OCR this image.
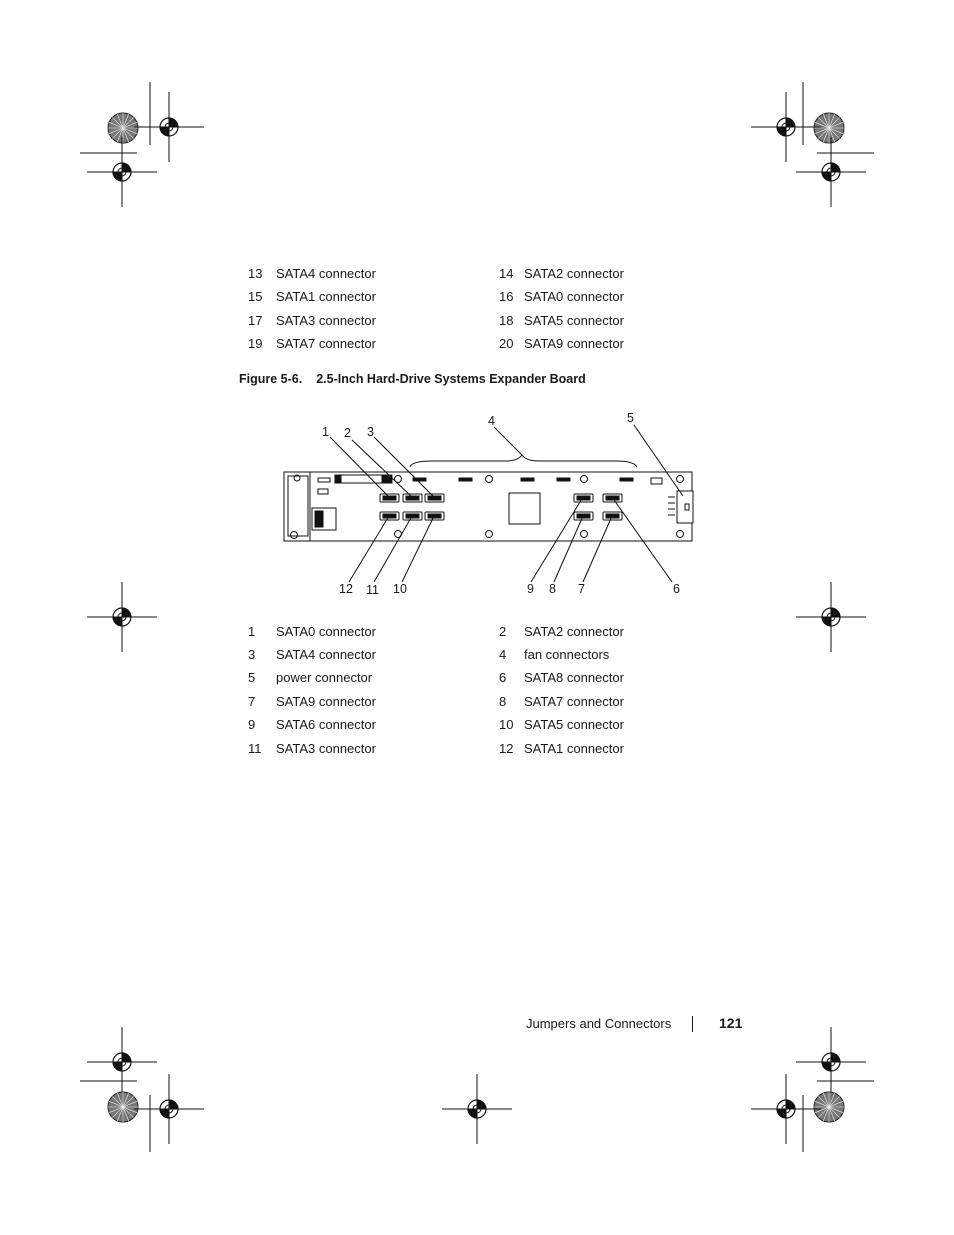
13 SATA4 connector	14 SATA2 connector
15 SATA1 connector	16 SATA0 connector
17 SATA3 connector	18 SATA5 connector
19 SATA7 connector	20 SATA9 connector
Figure 5-6. 2.5-Inch Hard-Drive Systems Expander Board
1 2 3
4	5
6
7
8
9
10
11
12
1 SATA0 connector	2 SATA2 connector
3 SATA4 connector	4 fan connectors
5 power connector	6 SATA8 connector
7 SATA9 connector	8 SATA7 connector
9 SATA6 connector	10 SATA5 connector
11 SATA3 connector	12 SATA1 connector
Jumpers and Connectors	121
